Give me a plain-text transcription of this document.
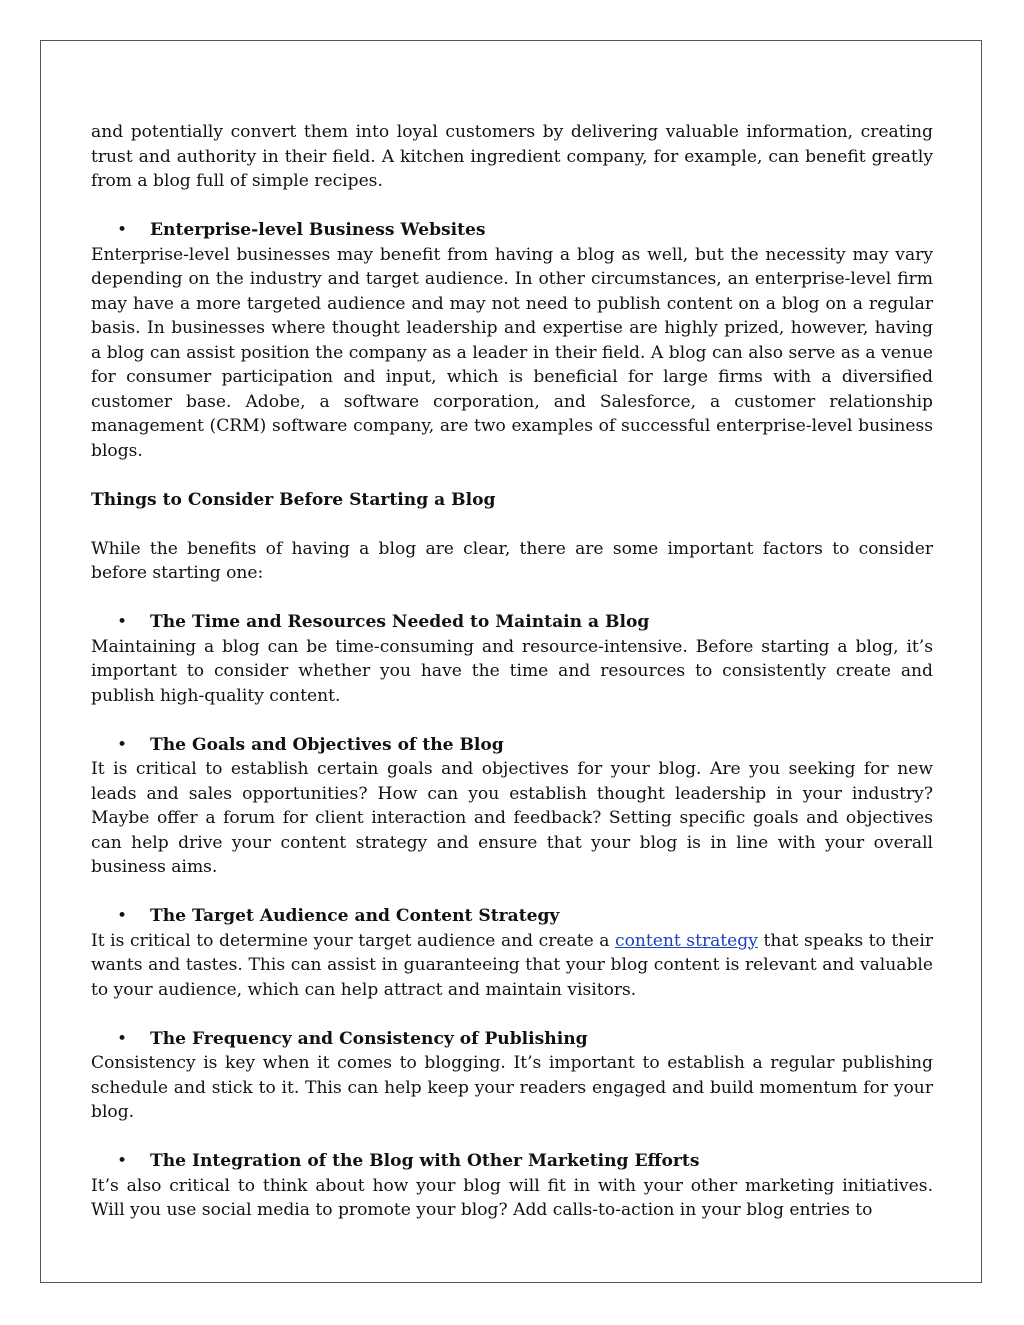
and potentially convert them into loyal customers by delivering valuable information, creating trust and authority in their field. A kitchen ingredient company, for example, can benefit greatly from a blog full of simple recipes.

• Enterprise-level Business Websites

Enterprise-level businesses may benefit from having a blog as well, but the necessity may vary depending on the industry and target audience. In other circumstances, an enterprise-level firm may have a more targeted audience and may not need to publish content on a blog on a regular basis. In businesses where thought leadership and expertise are highly prized, however, having a blog can assist position the company as a leader in their field. A blog can also serve as a venue for consumer participation and input, which is beneficial for large firms with a diversified customer base. Adobe, a software corporation, and Salesforce, a customer relationship management (CRM) software company, are two examples of successful enterprise-level business blogs.

Things to Consider Before Starting a Blog

While the benefits of having a blog are clear, there are some important factors to consider before starting one:

• The Time and Resources Needed to Maintain a Blog

Maintaining a blog can be time-consuming and resource-intensive. Before starting a blog, it’s important to consider whether you have the time and resources to consistently create and publish high-quality content.

• The Goals and Objectives of the Blog

It is critical to establish certain goals and objectives for your blog. Are you seeking for new leads and sales opportunities? How can you establish thought leadership in your industry? Maybe offer a forum for client interaction and feedback? Setting specific goals and objectives can help drive your content strategy and ensure that your blog is in line with your overall business aims.

• The Target Audience and Content Strategy

It is critical to determine your target audience and create a content strategy that speaks to their wants and tastes. This can assist in guaranteeing that your blog content is relevant and valuable to your audience, which can help attract and maintain visitors.

• The Frequency and Consistency of Publishing

Consistency is key when it comes to blogging. It’s important to establish a regular publishing schedule and stick to it. This can help keep your readers engaged and build momentum for your blog.

• The Integration of the Blog with Other Marketing Efforts

It’s also critical to think about how your blog will fit in with your other marketing initiatives. Will you use social media to promote your blog? Add calls-to-action in your blog entries to
